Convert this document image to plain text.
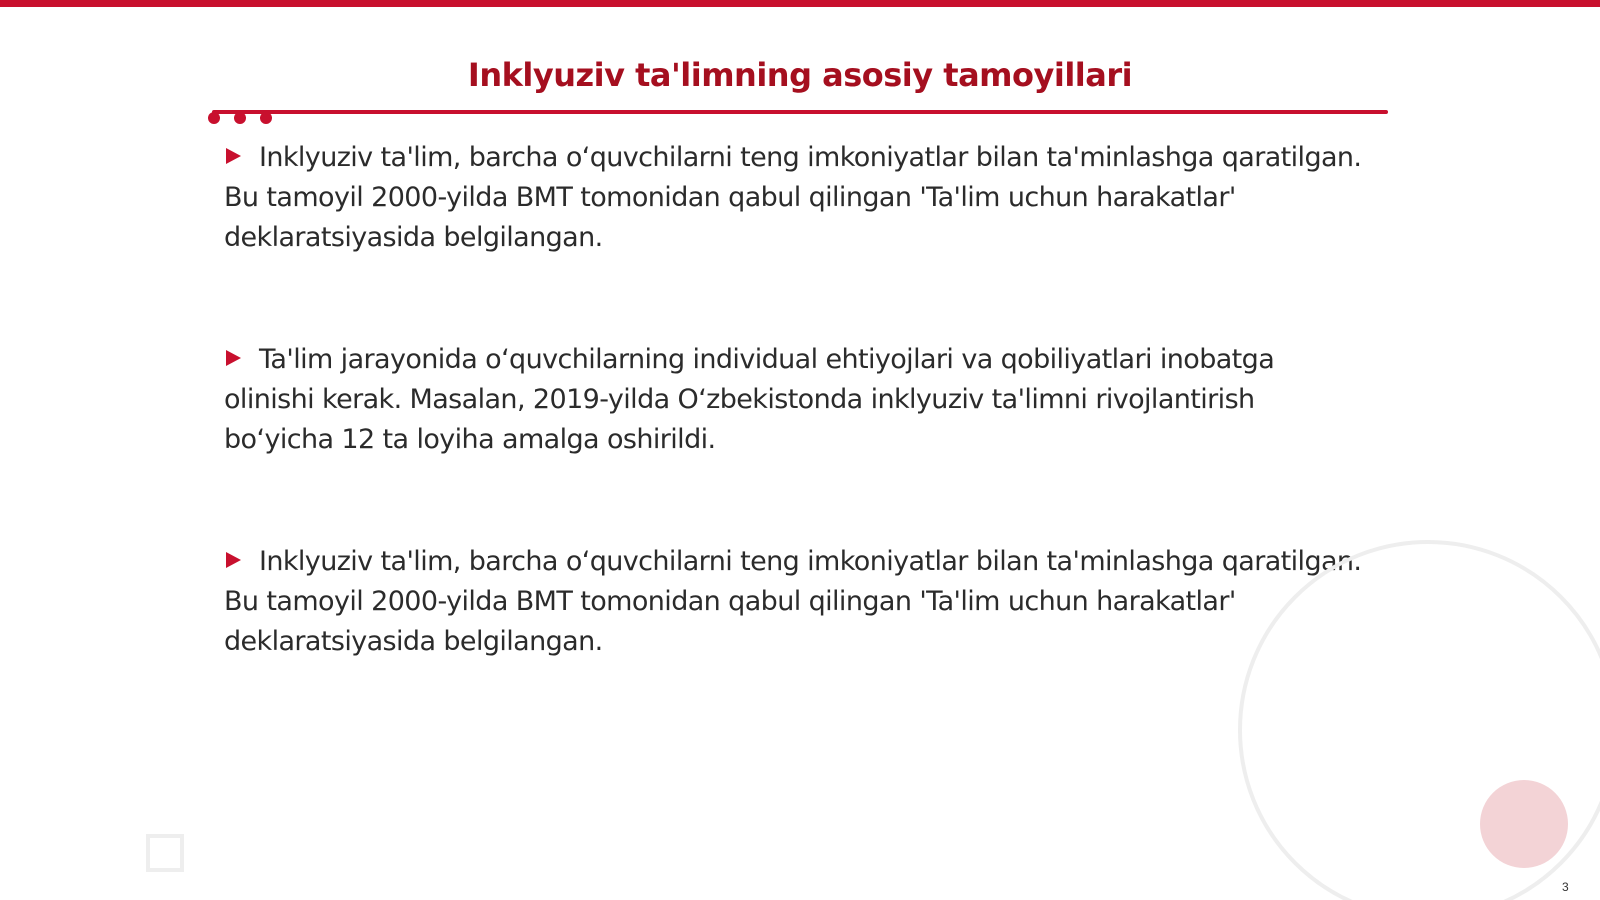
Inklyuziv ta'limning asosiy tamoyillari

Inklyuziv ta'lim, barcha o‘quvchilarni teng imkoniyatlar bilan ta'minlashga qaratilgan. Bu tamoyil 2000-yilda BMT tomonidan qabul qilingan 'Ta'lim uchun harakatlar' deklaratsiyasida belgilangan.

Ta'lim jarayonida o‘quvchilarning individual ehtiyojlari va qobiliyatlari inobatga olinishi kerak. Masalan, 2019-yilda O‘zbekistonda inklyuziv ta'limni rivojlantirish bo‘yicha 12 ta loyiha amalga oshirildi.

Inklyuziv ta'lim, barcha o‘quvchilarni teng imkoniyatlar bilan ta'minlashga qaratilgan. Bu tamoyil 2000-yilda BMT tomonidan qabul qilingan 'Ta'lim uchun harakatlar' deklaratsiyasida belgilangan.

3
